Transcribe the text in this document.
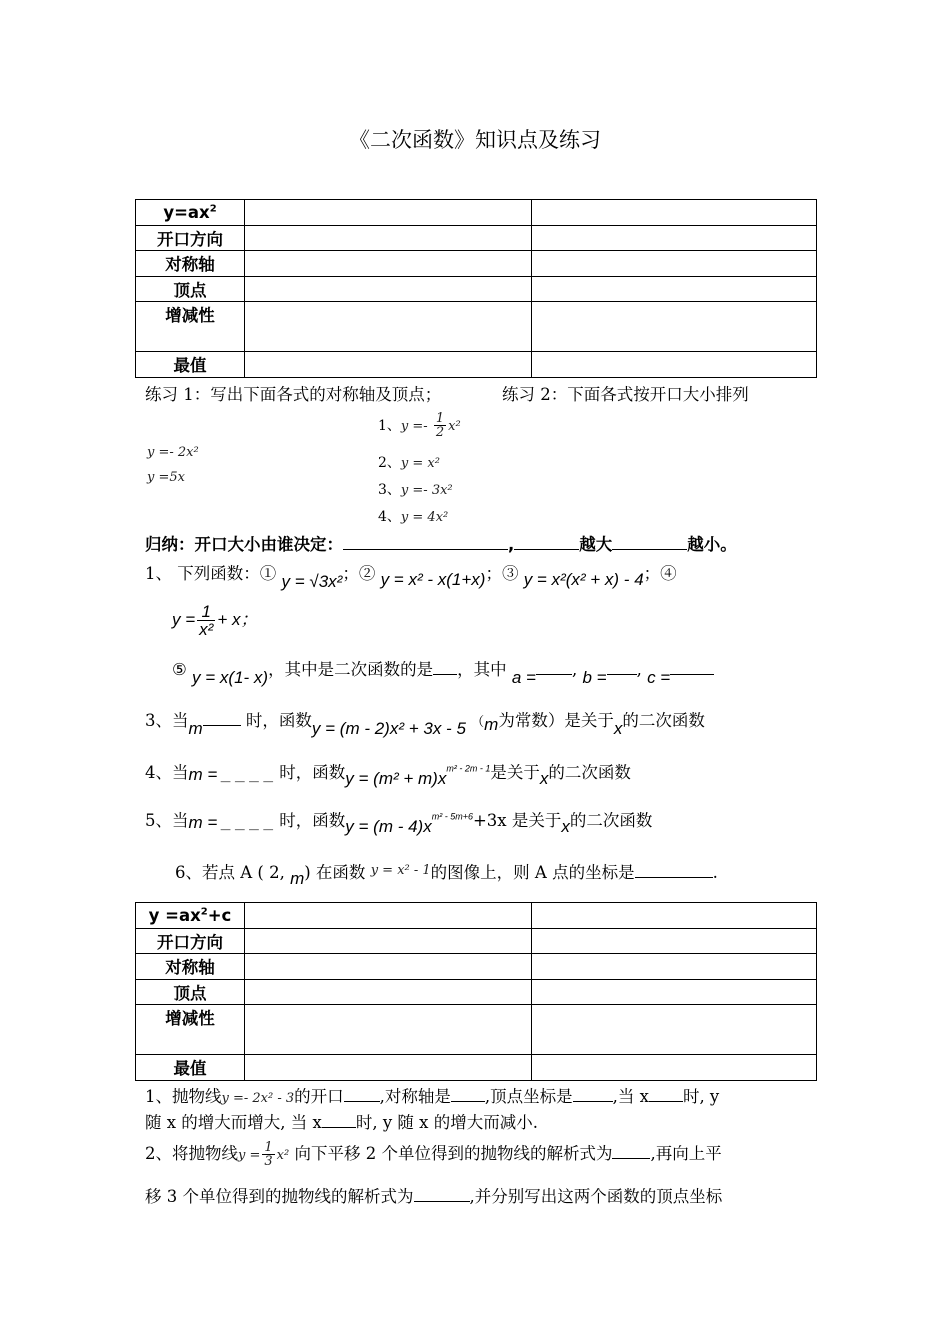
《二次函数》知识点及练习
$y=ax^2$		
开口方向		
对称轴		
顶点		
增减性		
最值		
练习 1：写出下面各式的对称轴及顶点；	练习 2：下面各式按开口大小排列
y =- 2x²
y =5x
1、$y =- \frac{1}{2} x^2$
2、y = x²
3、y =- 3x²
4、y = 4x²
归纳：开口大小由谁决定：	,	越大	越小。
1、 下列函数：① y = √3x²；② y = x² - x(1+x)；③ y = x²(x² + x) - 4；④
$y = \frac{1}{\text{x²}} + x$；
⑤ y = x(1- x)，其中是二次函数的是 ，其中 a = , b = , c =
3、当m	时，函数y = (m - 2)x² + 3x - 5 （m为常数）是关于x的二次函数
4、当m = _ _ _ _ 时，函数$y = (m^2 + m)x^{m^2 - 2m - 1}$是关于x的二次函数
5、当m = _ _ _ _ 时，函数$y = (m - 4)x^{m^2 - 5m+6}+3x$ 是关于x的二次函数
6、若点 A ( 2, m) 在函数 $^{y = x^2 - 1}$的图像上，则 A 点的坐标是	.
$y =ax^2+c$		
开口方向		
对称轴		
顶点		
增减性		
最值		
1、抛物线y =- 2x² - 3的开口 ,对称轴是 ,顶点坐标是 ,当 x 时, y
随 x 的增大而增大, 当 x 时, y 随 x 的增大而减小.
2、将抛物线$y = \frac{1}{3} x^2$ 向下平移 2 个单位得到的抛物线的解析式为 ,再向上平
移 3 个单位得到的抛物线的解析式为	,并分别写出这两个函数的顶点坐标
